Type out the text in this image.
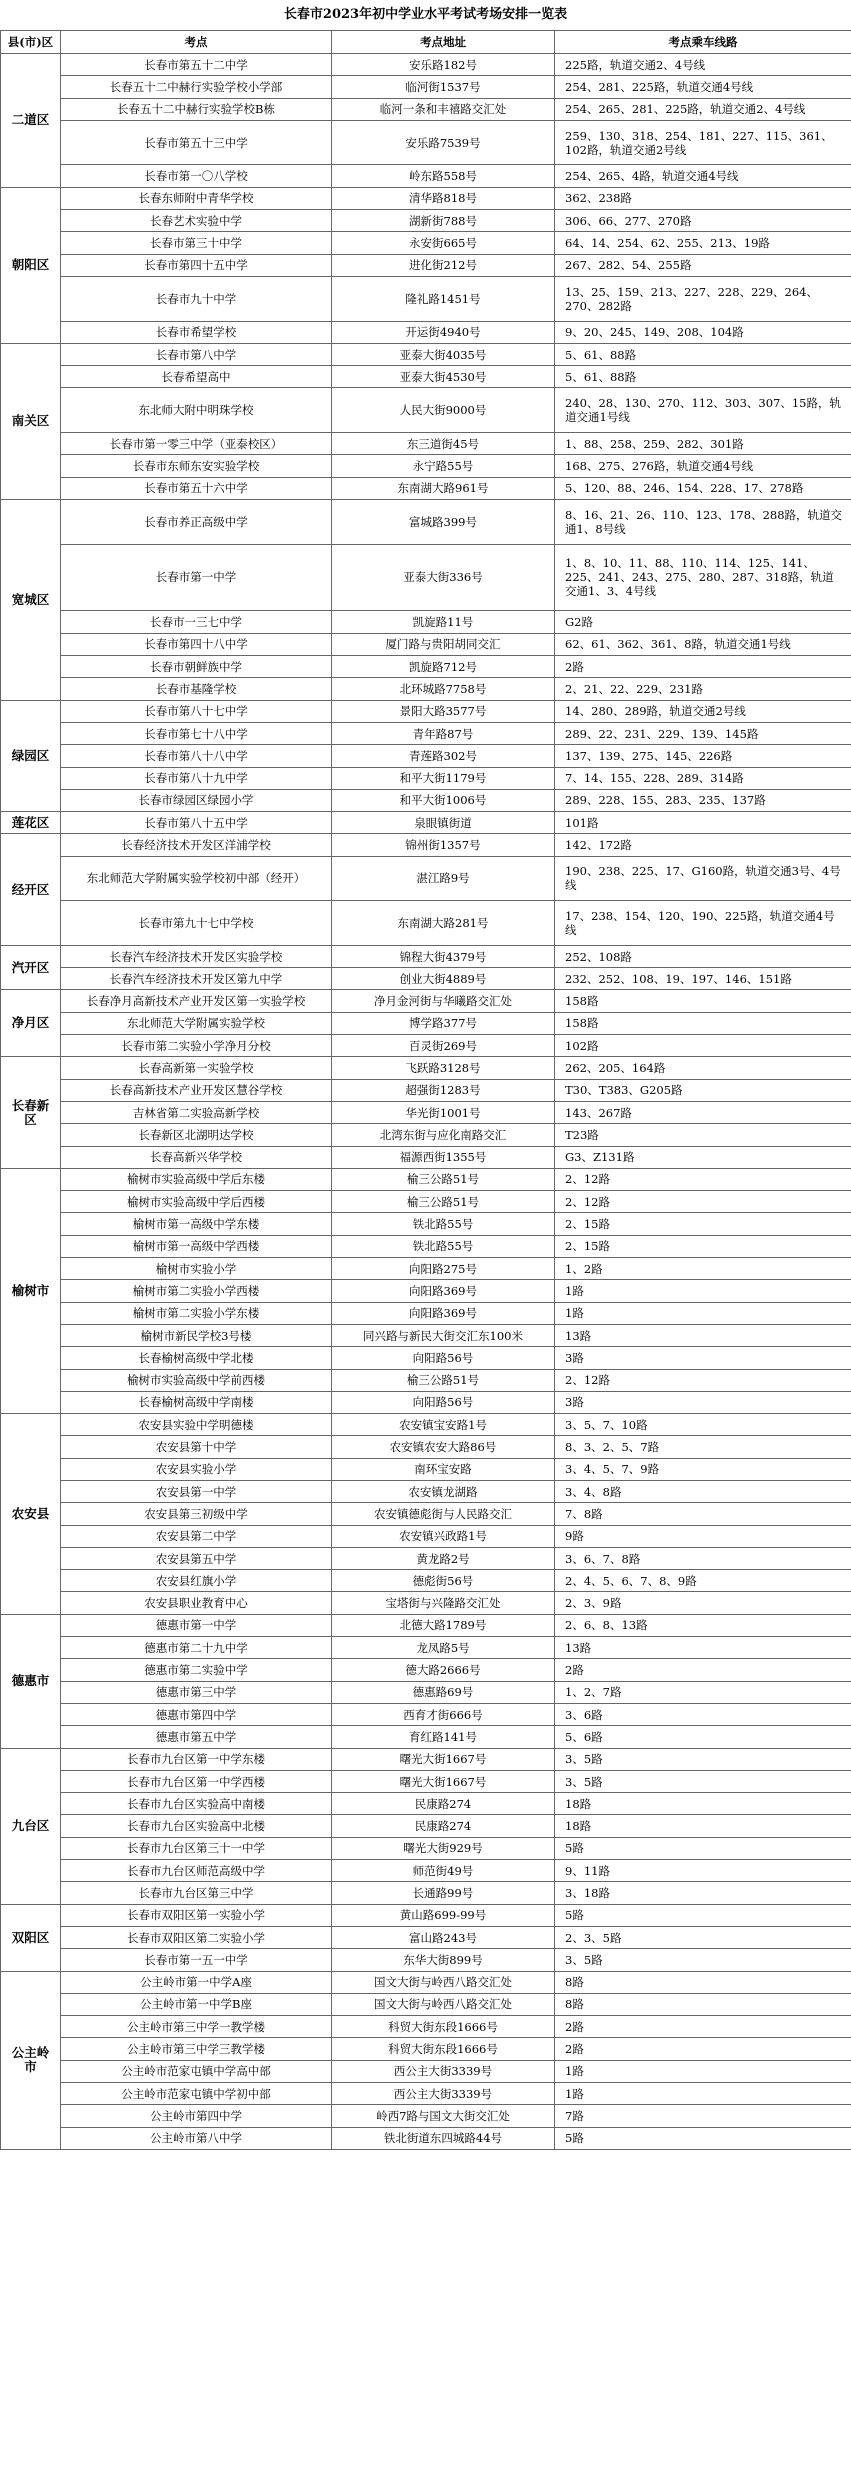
长春市2023年初中学业水平考试考场安排一览表
县(市)区	考点	考点地址	考点乘车线路
二道区	长春市第五十二中学	安乐路182号	225路，轨道交通2、4号线
	长春五十二中赫行实验学校小学部	临河街1537号	254、281、225路，轨道交通4号线
	长春五十二中赫行实验学校B栋	临河一条和丰禧路交汇处	254、265、281、225路，轨道交通2、4号线
	长春市第五十三中学	安乐路7539号	259、130、318、254、181、227、115、361、102路，轨道交通2号线
	长春市第一〇八学校	岭东路558号	254、265、4路，轨道交通4号线
朝阳区	长春东师附中青华学校	清华路818号	362、238路
	长春艺术实验中学	湖新街788号	306、66、277、270路
	长春市第三十中学	永安街665号	64、14、254、62、255、213、19路
	长春市第四十五中学	进化街212号	267、282、54、255路
	长春市九十中学	隆礼路1451号	13、25、159、213、227、228、229、264、270、282路
	长春市希望学校	开运街4940号	9、20、245、149、208、104路
南关区	长春市第八中学	亚泰大街4035号	5、61、88路
	长春希望高中	亚泰大街4530号	5、61、88路
	东北师大附中明珠学校	人民大街9000号	240、28、130、270、112、303、307、15路，轨道交通1号线
	长春市第一零三中学（亚泰校区）	东三道街45号	1、88、258、259、282、301路
	长春市东师东安实验学校	永宁路55号	168、275、276路，轨道交通4号线
	长春市第五十六中学	东南湖大路961号	5、120、88、246、154、228、17、278路
宽城区	长春市养正高级中学	富城路399号	8、16、21、26、110、123、178、288路，轨道交通1、8号线
	长春市第一中学	亚泰大街336号	1、8、10、11、88、110、114、125、141、225、241、243、275、280、287、318路，轨道交通1、3、4号线
	长春市一三七中学	凯旋路11号	G2路
	长春市第四十八中学	厦门路与贵阳胡同交汇	62、61、362、361、8路，轨道交通1号线
	长春市朝鲜族中学	凯旋路712号	2路
	长春市基隆学校	北环城路7758号	2、21、22、229、231路
绿园区	长春市第八十七中学	景阳大路3577号	14、280、289路，轨道交通2号线
	长春市第七十八中学	青年路87号	289、22、231、229、139、145路
	长春市第八十八中学	青莲路302号	137、139、275、145、226路
	长春市第八十九中学	和平大街1179号	7、14、155、228、289、314路
	长春市绿园区绿园小学	和平大街1006号	289、228、155、283、235、137路
莲花区	长春市第八十五中学	泉眼镇街道	101路
经开区	长春经济技术开发区洋浦学校	锦州街1357号	142、172路
	东北师范大学附属实验学校初中部（经开）	湛江路9号	190、238、225、17、G160路，轨道交通3号、4号线
	长春市第九十七中学校	东南湖大路281号	17、238、154、120、190、225路，轨道交通4号线
汽开区	长春汽车经济技术开发区实验学校	锦程大街4379号	252、108路
	长春汽车经济技术开发区第九中学	创业大街4889号	232、252、108、19、197、146、151路
净月区	长春净月高新技术产业开发区第一实验学校	净月金河街与华曦路交汇处	158路
	东北师范大学附属实验学校	博学路377号	158路
	长春市第二实验小学净月分校	百灵街269号	102路
长春新区	长春高新第一实验学校	飞跃路3128号	262、205、164路
	长春高新技术产业开发区慧谷学校	超强街1283号	T30、T383、G205路
	吉林省第二实验高新学校	华光街1001号	143、267路
	长春新区北湖明达学校	北湾东街与应化南路交汇	T23路
	长春高新兴华学校	福源西街1355号	G3、Z131路
榆树市	榆树市实验高级中学后东楼	榆三公路51号	2、12路
	榆树市实验高级中学后西楼	榆三公路51号	2、12路
	榆树市第一高级中学东楼	铁北路55号	2、15路
	榆树市第一高级中学西楼	铁北路55号	2、15路
	榆树市实验小学	向阳路275号	1、2路
	榆树市第二实验小学西楼	向阳路369号	1路
	榆树市第二实验小学东楼	向阳路369号	1路
	榆树市新民学校3号楼	同兴路与新民大街交汇东100米	13路
	长春榆树高级中学北楼	向阳路56号	3路
	榆树市实验高级中学前西楼	榆三公路51号	2、12路
	长春榆树高级中学南楼	向阳路56号	3路
农安县	农安县实验中学明德楼	农安镇宝安路1号	3、5、7、10路
	农安县第十中学	农安镇农安大路86号	8、3、2、5、7路
	农安县实验小学	南环宝安路	3、4、5、7、9路
	农安县第一中学	农安镇龙湖路	3、4、8路
	农安县第三初级中学	农安镇德彪街与人民路交汇	7、8路
	农安县第二中学	农安镇兴政路1号	9路
	农安县第五中学	黄龙路2号	3、6、7、8路
	农安县红旗小学	德彪街56号	2、4、5、6、7、8、9路
	农安县职业教育中心	宝塔街与兴隆路交汇处	2、3、9路
德惠市	德惠市第一中学	北德大路1789号	2、6、8、13路
	德惠市第二十九中学	龙凤路5号	13路
	德惠市第二实验中学	德大路2666号	2路
	德惠市第三中学	德惠路69号	1、2、7路
	德惠市第四中学	西育才街666号	3、6路
	德惠市第五中学	育红路141号	5、6路
九台区	长春市九台区第一中学东楼	曙光大街1667号	3、5路
	长春市九台区第一中学西楼	曙光大街1667号	3、5路
	长春市九台区实验高中南楼	民康路274	18路
	长春市九台区实验高中北楼	民康路274	18路
	长春市九台区第三十一中学	曙光大街929号	5路
	长春市九台区师范高级中学	师范街49号	9、11路
	长春市九台区第三中学	长通路99号	3、18路
双阳区	长春市双阳区第一实验小学	黄山路699-99号	5路
	长春市双阳区第二实验小学	富山路243号	2、3、5路
	长春市第一五一中学	东华大街899号	3、5路
公主岭市	公主岭市第一中学A座	国文大街与岭西八路交汇处	8路
	公主岭市第一中学B座	国文大街与岭西八路交汇处	8路
	公主岭市第三中学一教学楼	科贸大街东段1666号	2路
	公主岭市第三中学三教学楼	科贸大街东段1666号	2路
	公主岭市范家屯镇中学高中部	西公主大街3339号	1路
	公主岭市范家屯镇中学初中部	西公主大街3339号	1路
	公主岭市第四中学	岭西7路与国文大街交汇处	7路
	公主岭市第八中学	铁北街道东四城路44号	5路
